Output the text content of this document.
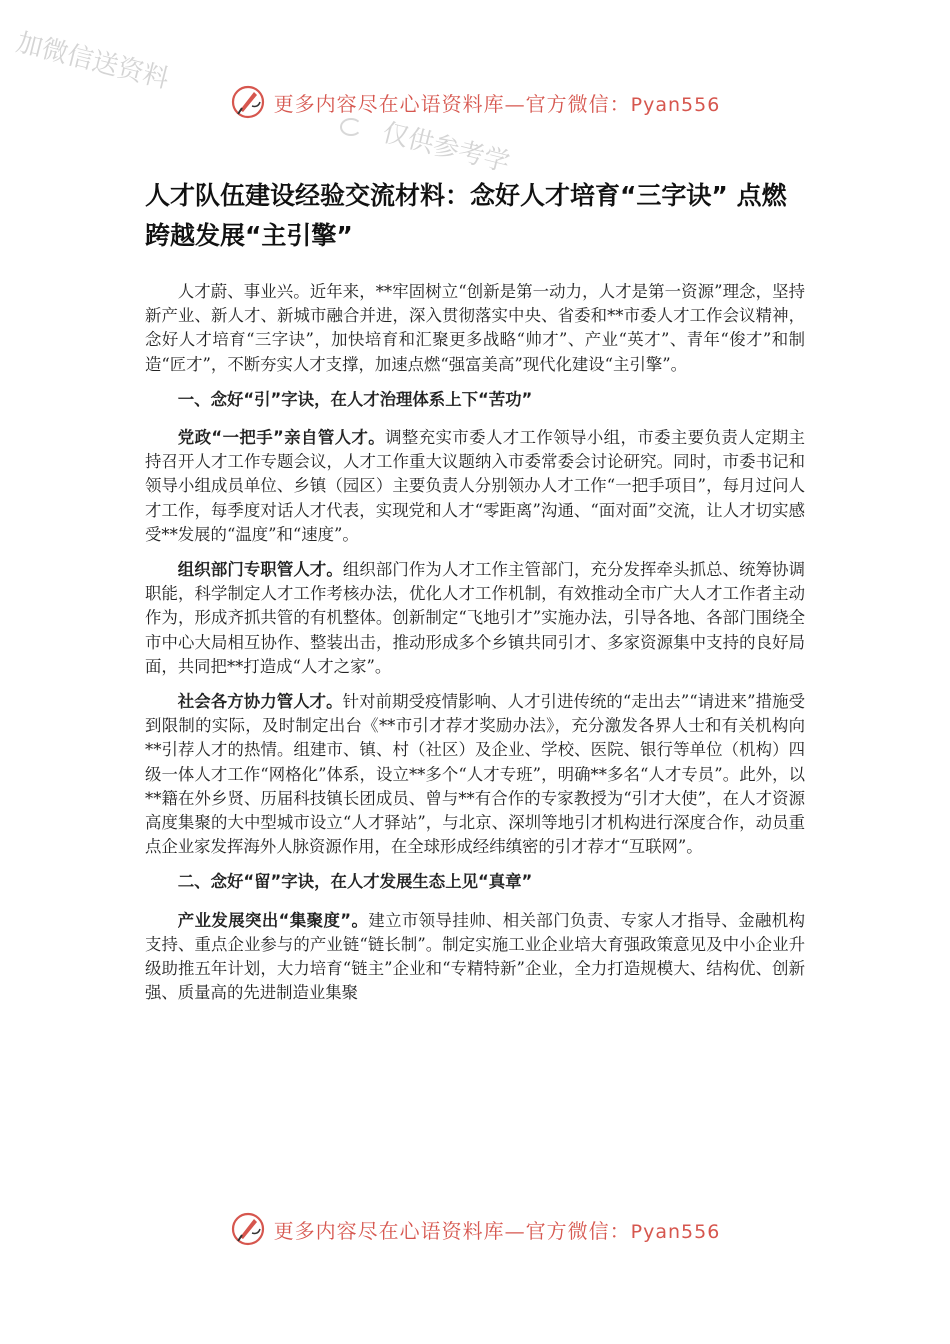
加微信送资料
仅供参考学
更多内容尽在心语资料库—官方微信：Pyan556
人才队伍建设经验交流材料：念好人才培育“三字诀” 点燃跨越发展“主引擎”

人才蔚、事业兴。近年来，**牢固树立“创新是第一动力，人才是第一资源”理念，坚持新产业、新人才、新城市融合并进，深入贯彻落实中央、省委和**市委人才工作会议精神，念好人才培育“三字诀”，加快培育和汇聚更多战略“帅才”、产业“英才”、青年“俊才”和制造“匠才”，不断夯实人才支撑，加速点燃“强富美高”现代化建设“主引擎”。

一、念好“引”字诀，在人才治理体系上下“苦功”

党政“一把手”亲自管人才。调整充实市委人才工作领导小组，市委主要负责人定期主持召开人才工作专题会议，人才工作重大议题纳入市委常委会讨论研究。同时，市委书记和领导小组成员单位、乡镇（园区）主要负责人分别领办人才工作“一把手项目”，每月过问人才工作，每季度对话人才代表，实现党和人才“零距离”沟通、“面对面”交流，让人才切实感受**发展的“温度”和“速度”。

组织部门专职管人才。组织部门作为人才工作主管部门，充分发挥牵头抓总、统筹协调职能，科学制定人才工作考核办法，优化人才工作机制，有效推动全市广大人才工作者主动作为，形成齐抓共管的有机整体。创新制定“飞地引才”实施办法，引导各地、各部门围绕全市中心大局相互协作、整装出击，推动形成多个乡镇共同引才、多家资源集中支持的良好局面，共同把**打造成“人才之家”。

社会各方协力管人才。针对前期受疫情影响、人才引进传统的“走出去”“请进来”措施受到限制的实际，及时制定出台《**市引才荐才奖励办法》，充分激发各界人士和有关机构向**引荐人才的热情。组建市、镇、村（社区）及企业、学校、医院、银行等单位（机构）四级一体人才工作“网格化”体系，设立**多个“人才专班”，明确**多名“人才专员”。此外，以**籍在外乡贤、历届科技镇长团成员、曾与**有合作的专家教授为“引才大使”，在人才资源高度集聚的大中型城市设立“人才驿站”，与北京、深圳等地引才机构进行深度合作，动员重点企业家发挥海外人脉资源作用，在全球形成经纬缜密的引才荐才“互联网”。

二、念好“留”字诀，在人才发展生态上见“真章”

产业发展突出“集聚度”。建立市领导挂帅、相关部门负责、专家人才指导、金融机构支持、重点企业参与的产业链“链长制”。制定实施工业企业培大育强政策意见及中小企业升级助推五年计划，大力培育“链主”企业和“专精特新”企业，全力打造规模大、结构优、创新强、质量高的先进制造业集聚

更多内容尽在心语资料库—官方微信：Pyan556
